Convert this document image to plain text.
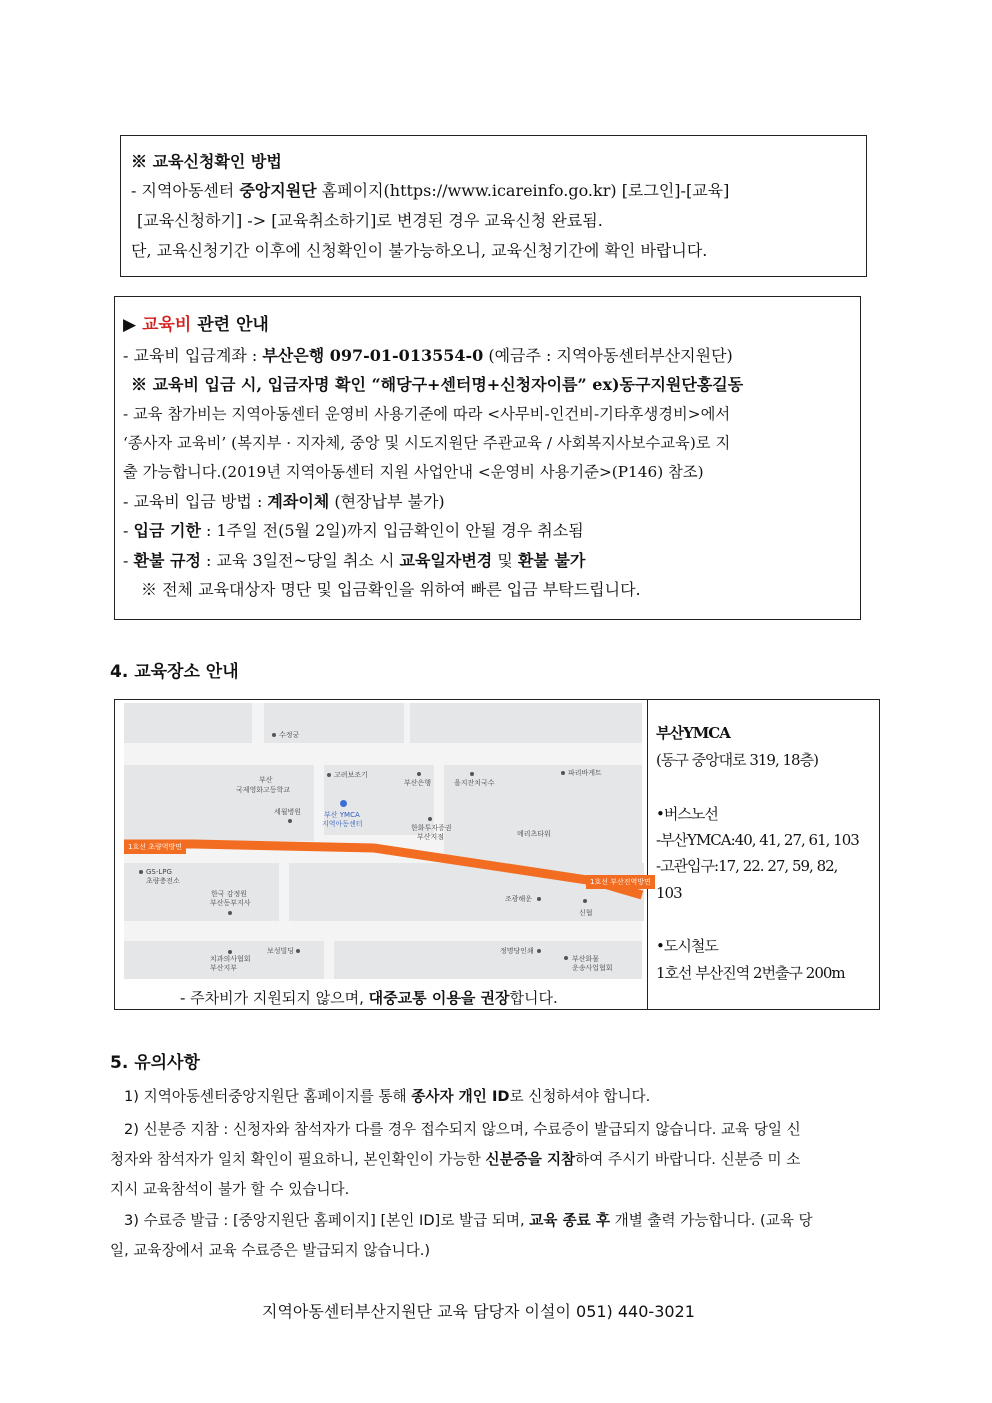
※ 교육신청확인 방법
- 지역아동센터 중앙지원단 홈페이지(https://www.icareinfo.go.kr) [로그인]-[교육]
[교육신청하기] -> [교육취소하기]로 변경된 경우 교육신청 완료됨.
단, 교육신청기간 이후에 신청확인이 불가능하오니, 교육신청기간에 확인 바랍니다.
▶ 교육비 관련 안내
- 교육비 입금계좌 : 부산은행 097-01-013554-0 (예금주 : 지역아동센터부산지원단)
※ 교육비 입금 시, 입금자명 확인 “해당구+센터명+신청자이름” ex)동구지원단홍길동
- 교육 참가비는 지역아동센터 운영비 사용기준에 따라 <사무비-인건비-기타후생경비>에서
‘종사자 교육비’ (복지부 · 지자체, 중앙 및 시도지원단 주관교육 / 사회복지사보수교육)로 지
출 가능합니다.(2019년 지역아동센터 지원 사업안내 <운영비 사용기준>(P146) 참조)
- 교육비 입금 방법 : 계좌이체 (현장납부 불가)
- 입금 기한 : 1주일 전(5월 2일)까지 입금확인이 안될 경우 취소됨
- 환불 규정 : 교육 3일전~당일 취소 시 교육일자변경 및 환불 불가
※ 전체 교육대상자 명단 및 입금확인을 위하여 빠른 입금 부탁드립니다.
4. 교육장소 안내
수정궁
부산
국제영화고등학교
고려보조기
부산은행	을지잔치국수
파리바게트
세월병원	부산 YMCA
지역아동센터	한화투자증권
부산지점	메리츠타워
1호선 초량역방면
1호선 부산진역방면
GS-LPG
초량충전소
한국 감정원
부산동부지사	조광해운
신협
보성빌딩
치과의사협회
부산지부
정명당인쇄
부산화물
운송사업협회
- 주차비가 지원되지 않으며, 대중교통 이용을 권장합니다.
부산YMCA
(동구 중앙대로 319, 18층)
•버스노선
-부산YMCA:40, 41, 27, 61, 103
-고관입구:17, 22. 27, 59, 82,
103
•도시철도
1호선 부산진역 2번출구 200m
5. 유의사항
1) 지역아동센터중앙지원단 홈페이지를 통해 종사자 개인 ID로 신청하셔야 합니다.
2) 신분증 지참 : 신청자와 참석자가 다를 경우 접수되지 않으며, 수료증이 발급되지 않습니다. 교육 당일 신
청자와 참석자가 일치 확인이 필요하니, 본인확인이 가능한 신분증을 지참하여 주시기 바랍니다. 신분증 미 소
지시 교육참석이 불가 할 수 있습니다.
3) 수료증 발급 : [중앙지원단 홈페이지] [본인 ID]로 발급 되며, 교육 종료 후 개별 출력 가능합니다. (교육 당
일, 교육장에서 교육 수료증은 발급되지 않습니다.)
지역아동센터부산지원단 교육 담당자 이설이 051) 440-3021
